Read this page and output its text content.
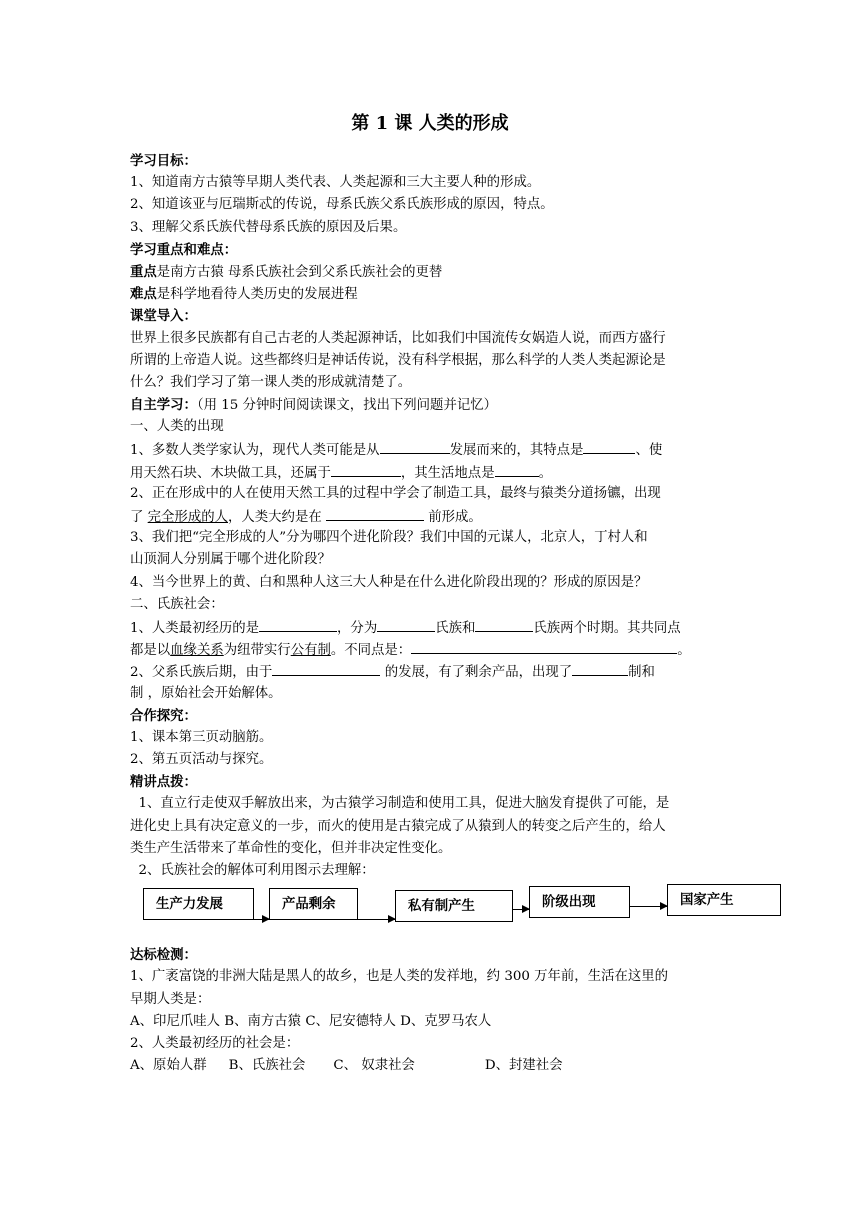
第 1 课 人类的形成
学习目标：
1、知道南方古猿等早期人类代表、人类起源和三大主要人种的形成。
2、知道该亚与厄瑞斯忒的传说，母系氏族父系氏族形成的原因，特点。
3、理解父系氏族代替母系氏族的原因及后果。
学习重点和难点：
重点是南方古猿 母系氏族社会到父系氏族社会的更替
难点是科学地看待人类历史的发展进程
课堂导入：
世界上很多民族都有自己古老的人类起源神话，比如我们中国流传女娲造人说，而西方盛行
所谓的上帝造人说。这些都终归是神话传说，没有科学根据，那么科学的人类人类起源论是
什么？我们学习了第一课人类的形成就清楚了。
自主学习：（用 15 分钟时间阅读课文，找出下列问题并记忆）
一、人类的出现
1、多数人类学家认为，现代人类可能是从	发展而来的，其特点是	、使
用天然石块、木块做工具，还属于	，其生活地点是	。
2、正在形成中的人在使用天然工具的过程中学会了制造工具，最终与猿类分道扬镳，出现
了 完全形成的人，人类大约是在	前形成。
3、我们把“完全形成的人”分为哪四个进化阶段？我们中国的元谋人，北京人，丁村人和
山顶洞人分别属于哪个进化阶段？
4、当今世界上的黄、白和黑种人这三大人种是在什么进化阶段出现的？形成的原因是？
二、氏族社会：
1、人类最初经历的是	，分为	氏族和	氏族两个时期。其共同点
都是以血缘关系为纽带实行公有制。不同点是：	。
2、父系氏族后期，由于	的发展，有了剩余产品，出现了	制和
制 ，原始社会开始解体。
合作探究：
1、课本第三页动脑筋。
2、第五页活动与探究。
精讲点拨：
1、直立行走使双手解放出来，为古猿学习制造和使用工具，促进大脑发育提供了可能，是
进化史上具有决定意义的一步，而火的使用是古猿完成了从猿到人的转变之后产生的，给人
类生产生活带来了革命性的变化，但并非决定性变化。
2、氏族社会的解体可利用图示去理解：
生产力发展	产品剩余	私有制产生	阶级出现	国家产生
达标检测：
1、广袤富饶的非洲大陆是黑人的故乡，也是人类的发祥地，约 300 万年前，生活在这里的
早期人类是：
A、印尼爪哇人 B、南方古猿 C、尼安德特人 D、克罗马农人
2、人类最初经历的社会是：
A、原始人群 B、氏族社会 C、 奴隶社会	D、封建社会
